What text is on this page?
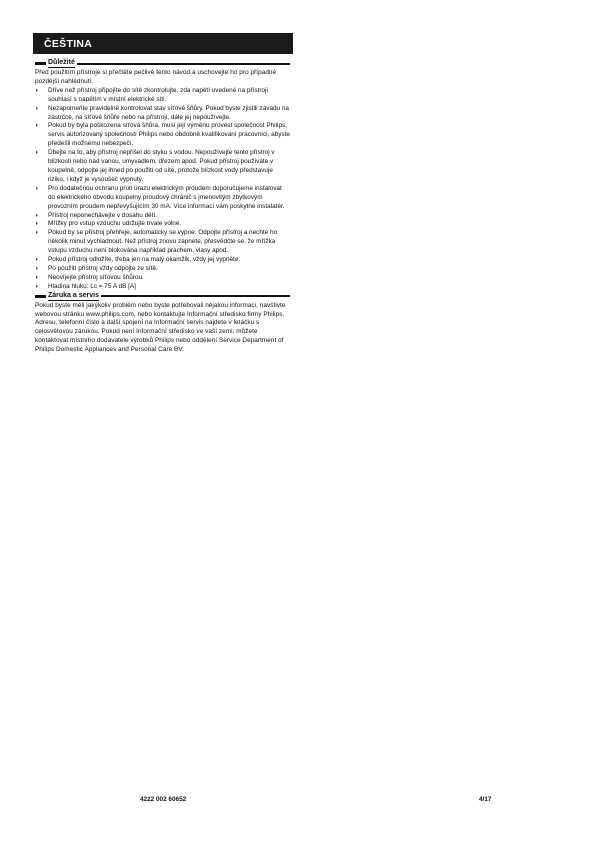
ČEŠTINA
Důležité
Před použitím přístroje si přečtěte pečlivě tento návod a uschovejte ho pro případné pozdější nahlédnutí.
◗ Dříve než přístroj připojíte do sítě zkontrolujte, zda napětí uvedené na přístroji souhlasí s napětím v místní elektrické síti.
◗ Nezapomeňte pravidelně kontrolovat stav síťové šňůry. Pokud byste zjistili závadu na zástrčce, na síťové šňůře nebo na přístroji, dále jej nepoužívejte.
◗ Pokud by byla poškozena síťová šňůra, musí její výměnu provést společnost Philips, servis autorizovaný společností Philips nebo obdobně kvalifikovaní pracovníci, abyste předešli možnému nebezpečí.
◗ Dbejte na to, aby přístroj nepřišel do styku s vodou. Nepoužívejte tento přístroj v blízkosti nebo nad vanou, umyvadlem, dřezem apod. Pokud přístroj používáte v koupelně, odpojte jej ihned po použití od sítě, protože blízkost vody představuje riziko, i když je vysoušeč vypnutý.
◗ Pro dodatečnou ochranu proti úrazu elektrickým proudem doporučujeme instalovat do elektrického obvodu koupelny proudový chránič s jmenovitým zbytkovým provozním proudem nepřevyšujícím 30 mA. Více informací vám poskytne instalatér.
◗ Přístroj neponechávejte v dosahu dětí.
◗ Mřížky pro vstup vzduchu udržujte trvale volné.
◗ Pokud by se přístroj přehřeje, automaticky se vypne. Odpojte přístroj a nechte ho několik minut vychladnout. Než přístroj znovu zapnete, přesvědčte se, že mřížka vstupu vzduchu není blokována například prachem, vlasy apod.
◗ Pokud přístroj odložíte, třeba jen na malý okamžik, vždy jej vypněte.
◗ Po použití přístroj vždy odpojte ze sítě.
◗ Neovíjejte přístroj síťovou šňůrou.
◗ Hladina hluku: Lc = 75 A dB [A]
Záruka a servis
Pokud byste měli jakýkoliv problém nebo byste potřebovali nějakou informaci, navštivte webovou stránku www.philips.com, nebo kontaktujte Informační středisko firmy Philips. Adresu, telefonní číslo a další spojení na Informační servis najdete v letáčku s celosvětovou zárukou. Pokud není Informační středisko ve vaší zemi, můžete kontaktovat místního dodavatele výrobků Philips nebo oddělení Service Department of Philips Domestic Appliances and Personal Care BV.
4222 002 60652	4/17
